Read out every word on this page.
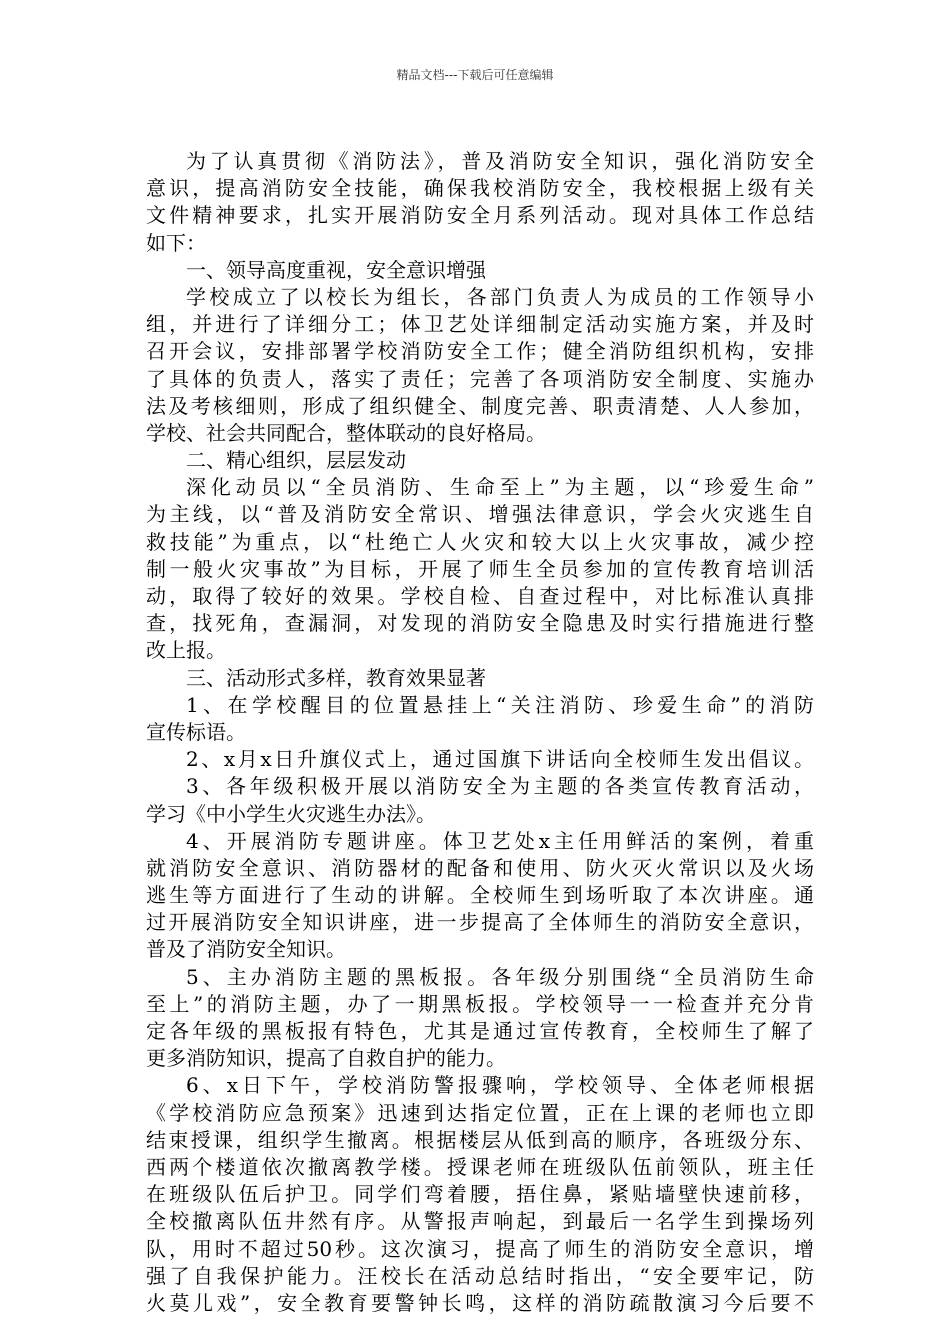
精品文档---下载后可任意编辑
为了认真贯彻《消防法》，普及消防安全知识，强化消防安全
意识，提高消防安全技能，确保我校消防安全，我校根据上级有关
文件精神要求，扎实开展消防安全月系列活动。现对具体工作总结
如下：
一、领导高度重视，安全意识增强
学校成立了以校长为组长，各部门负责人为成员的工作领导小
组，并进行了详细分工；体卫艺处详细制定活动实施方案，并及时
召开会议，安排部署学校消防安全工作；健全消防组织机构，安排
了具体的负责人，落实了责任；完善了各项消防安全制度、实施办
法及考核细则，形成了组织健全、制度完善、职责清楚、人人参加，
学校、社会共同配合，整体联动的良好格局。
二、精心组织，层层发动
深化动员以“全员消防、生命至上”为主题，以“珍爱生命”
为主线，以“普及消防安全常识、增强法律意识，学会火灾逃生自
救技能”为重点，以“杜绝亡人火灾和较大以上火灾事故，减少控
制一般火灾事故”为目标，开展了师生全员参加的宣传教育培训活
动，取得了较好的效果。学校自检、自查过程中，对比标准认真排
查，找死角，查漏洞，对发现的消防安全隐患及时实行措施进行整
改上报。
三、活动形式多样，教育效果显著
1、在学校醒目的位置悬挂上“关注消防、珍爱生命”的消防
宣传标语。
2、x月x日升旗仪式上，通过国旗下讲话向全校师生发出倡议。
3、各年级积极开展以消防安全为主题的各类宣传教育活动，
学习《中小学生火灾逃生办法》。
4、开展消防专题讲座。体卫艺处x主任用鲜活的案例，着重
就消防安全意识、消防器材的配备和使用、防火灭火常识以及火场
逃生等方面进行了生动的讲解。全校师生到场听取了本次讲座。通
过开展消防安全知识讲座，进一步提高了全体师生的消防安全意识，
普及了消防安全知识。
5、主办消防主题的黑板报。各年级分别围绕“全员消防生命
至上”的消防主题，办了一期黑板报。学校领导一一检查并充分肯
定各年级的黑板报有特色，尤其是通过宣传教育，全校师生了解了
更多消防知识，提高了自救自护的能力。
6、x日下午，学校消防警报骤响，学校领导、全体老师根据
《学校消防应急预案》迅速到达指定位置，正在上课的老师也立即
结束授课，组织学生撤离。根据楼层从低到高的顺序，各班级分东、
西两个楼道依次撤离教学楼。授课老师在班级队伍前领队，班主任
在班级队伍后护卫。同学们弯着腰，捂住鼻，紧贴墙壁快速前移，
全校撤离队伍井然有序。从警报声响起，到最后一名学生到操场列
队，用时不超过50秒。这次演习，提高了师生的消防安全意识，增
强了自我保护能力。汪校长在活动总结时指出，“安全要牢记，防
火莫儿戏”，安全教育要警钟长鸣，这样的消防疏散演习今后要不
